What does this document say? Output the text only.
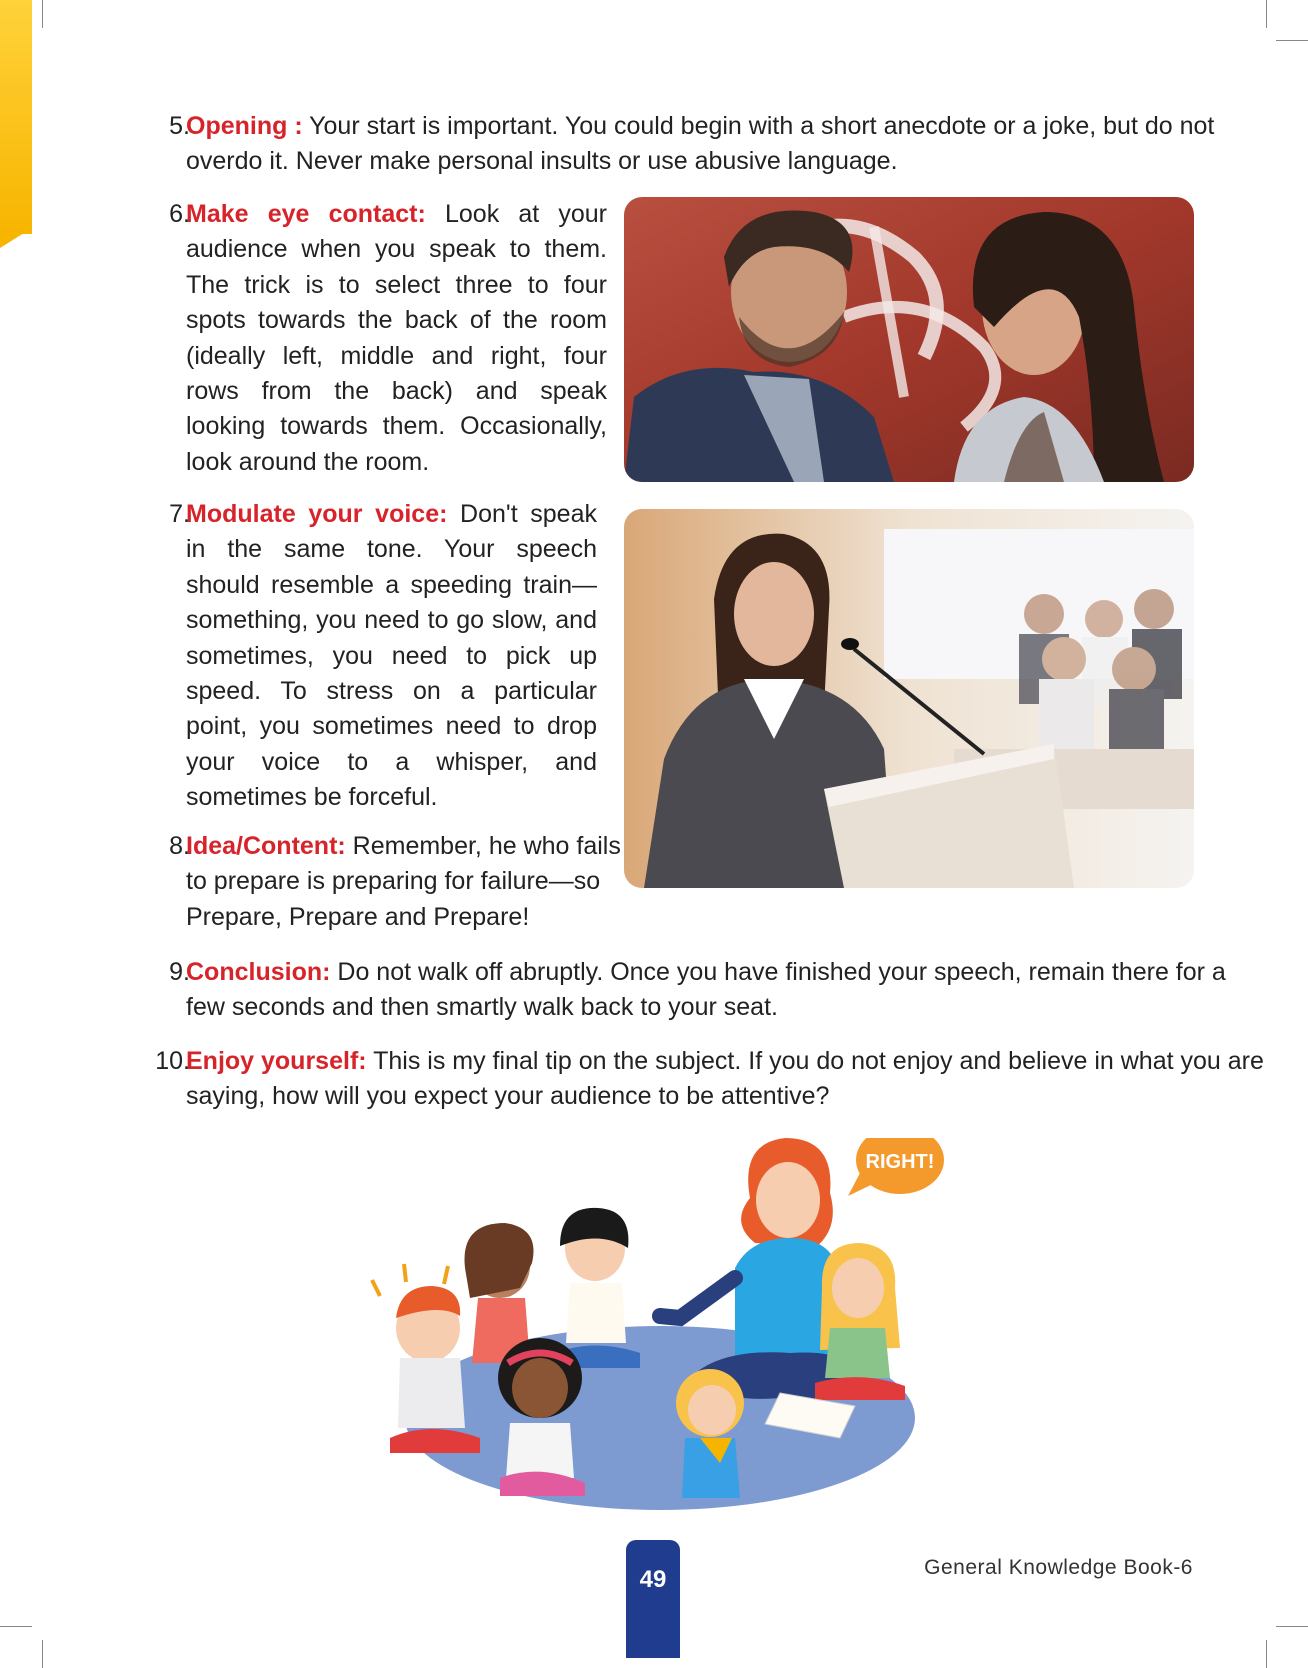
5.
Opening : Your start is important. You could begin with a short anecdote or a joke, but do not overdo it. Never make personal insults or use abusive language.
6.
Make eye contact: Look at your audience when you speak to them. The trick is to select three to four spots towards the back of the room (ideally left, middle and right, four rows from the back) and speak looking towards them. Occasionally, look around the room.
7.
Modulate your voice: Don't speak in the same tone. Your speech should resemble a speeding train—something, you need to go slow, and sometimes, you need to pick up speed. To stress on a particular point, you sometimes need to drop your voice to a whisper, and sometimes be forceful.
8.
Idea/Content: Remember, he who fails to prepare is preparing for failure—so Prepare, Prepare and Prepare!
9.
Conclusion: Do not walk off abruptly. Once you have finished your speech, remain there for a few seconds and then smartly walk back to your seat.
10.
Enjoy yourself: This is my final tip on the subject. If you do not enjoy and believe in what you are saying, how will you expect your audience to be attentive?
RIGHT!
General Knowledge Book-6
49
